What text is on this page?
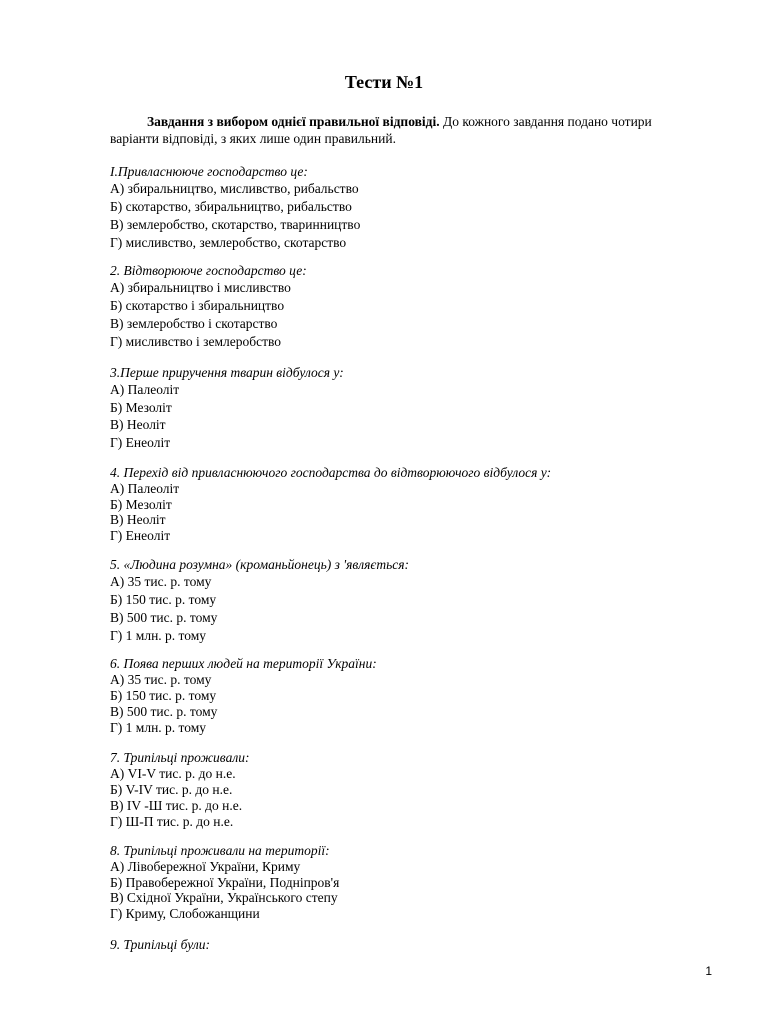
Тести №1
Завдання з вибором однієї правильної відповіді. До кожного завдання подано чотири варіанти відповіді, з яких лише один правильний.
І.Привласнююче господарство це:
А) збиральництво, мисливство, рибальство
Б) скотарство, збиральництво, рибальство
В) землеробство, скотарство, тваринництво
Г) мисливство, землеробство, скотарство
2. Відтворююче господарство це:
А) збиральництво і мисливство
Б) скотарство і збиральництво
В) землеробство і скотарство
Г) мисливство і землеробство
3.Перше приручення тварин відбулося у:
А) Палеоліт
Б) Мезоліт
В) Неоліт
Г) Енеоліт
4. Перехід від привласнюючого господарства до відтворюючого відбулося у:
А) Палеоліт
Б) Мезоліт
В) Неоліт
Г) Енеоліт
5. «Людина розумна» (кроманьйонець) з 'являється:
А) 35 тис. р. тому
Б) 150 тис. р. тому
В) 500 тис. р. тому
Г) 1 млн. р. тому
6. Поява перших людей на території України:
А) 35 тис. р. тому
Б) 150 тис. р. тому
В) 500 тис. р. тому
Г) 1 млн. р. тому
7. Трипільці проживали:
А) VI-V тис. р. до н.е.
Б) V-IV тис. р. до н.е.
В) IV -Ш тис. р. до н.е.
Г) Ш-П тис. р. до н.е.
8. Трипільці проживали на території:
А) Лівобережної України, Криму
Б) Правобережної України, Подніпров'я
В) Східної України, Українського степу
Г) Криму, Слобожанщини
9. Трипільці були:
1
